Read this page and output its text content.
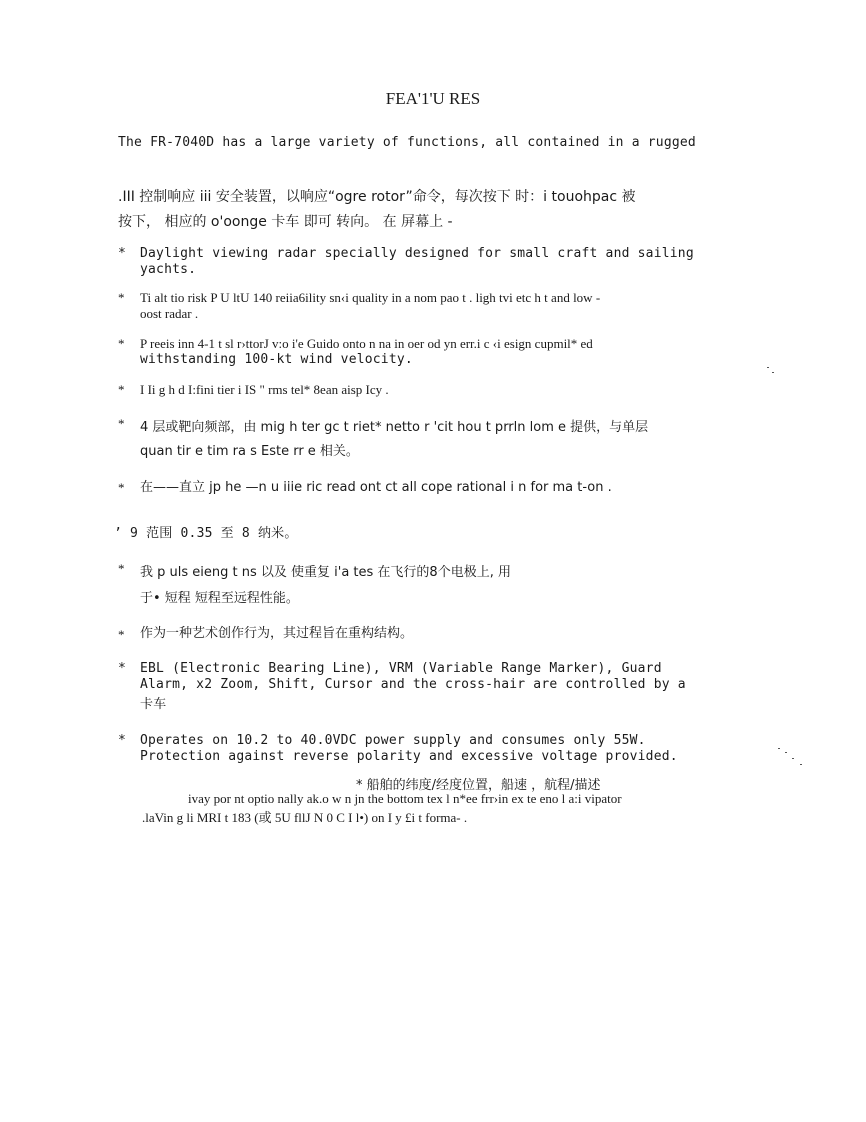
FEA'1'U RES
The FR-7040D has a large variety of functions, all contained in a rugged
.III 控制响应 iii 安全装置，以响应“ogre rotor”命令，每次按下 时：i touohpac 被
按下， 相应的 o'oonge 卡车 即可 转向。 在 屏幕上 -
* Daylight viewing radar specially designed for small craft and sailing
yachts.
* Ti alt tio risk P U ltU 140 reiia6ility sn‹i quality in a nom pao t . ligh tvi etc h t and low -
oost radar .
* P reeis inn 4-1 t sl r›ttorJ v:o i'e Guido onto n na in oer od yn err.i c ‹i esign cupmil* ed
withstanding 100-kt wind velocity.
* I Ii g h d I:fini tier i IS " rms tel* 8ean aisp Icy .
* 4 层或靶向频部，由 mig h ter gc t riet* netto r 'cit hou t prrln lom e 提供，与单层
quan tir e tim ra s Este rr e 相关。
* 在——直立 jp he —n u iiie ric read ont ct all cope rational i n for ma t-on .
’ 9 范围 0.35 至 8 纳米。
* 我 p uls eieng t ns 以及 使重复 i'a tes 在飞行的8个电极上, 用
于• 短程 短程至远程性能。
* 作为一种艺术创作行为，其过程旨在重构结构。
* EBL (Electronic Bearing Line), VRM (Variable Range Marker), Guard
Alarm, x2 Zoom, Shift, Cursor and the cross-hair are controlled by a
卡车
* Operates on 10.2 to 40.0VDC power supply and consumes only 55W.
Protection against reverse polarity and excessive voltage provided.
* 船舶的纬度/经度位置，船速 ，航程/描述
ivay por nt optio nally ak.o w n jn the bottom tex l n*ee frr›in ex te eno l a:i vipator
.laVin g li MRI t 183 (或 5U fllJ N 0 C I l•) on I y £i t forma- .
